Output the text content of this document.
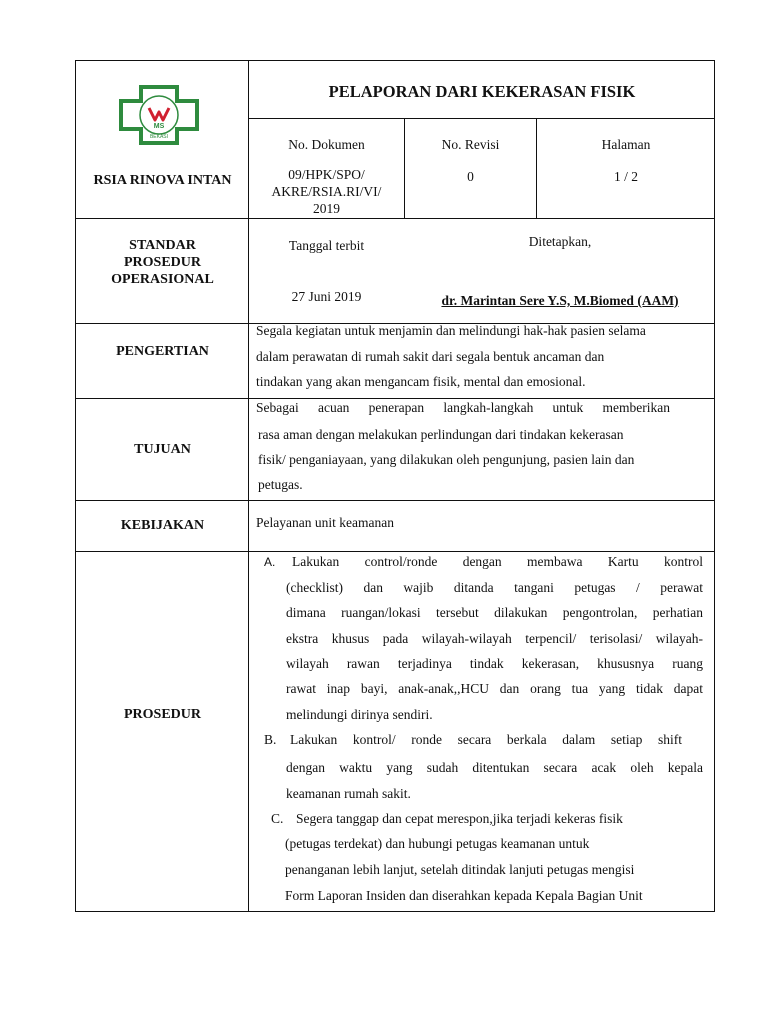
MS
BEKASI
RSIA RINOVA INTAN
PELAPORAN DARI KEKERASAN FISIK
No. Dokumen
09/HPK/SPO/
AKRE/RSIA.RI/VI/
2019
No. Revisi
0
Halaman
1 / 2
STANDAR
PROSEDUR
OPERASIONAL
Tanggal terbit
27 Juni 2019
Ditetapkan,
dr. Marintan Sere Y.S, M.Biomed (AAM)
PENGERTIAN
Segala kegiatan untuk menjamin dan melindungi hak-hak pasien selama
dalam perawatan di rumah sakit dari segala bentuk ancaman dan
tindakan yang akan mengancam fisik, mental dan emosional.
TUJUAN
Sebagai acuan penerapan langkah-langkah untuk memberikan
rasa aman dengan melakukan perlindungan dari tindakan kekerasan
fisik/ penganiayaan, yang dilakukan oleh pengunjung, pasien lain dan
petugas.
KEBIJAKAN	Pelayanan unit keamanan
PROSEDUR
A. Lakukan control/ronde dengan membawa Kartu kontrol
(checklist) dan wajib ditanda tangani petugas / perawat
dimana ruangan/lokasi tersebut dilakukan pengontrolan, perhatian
ekstra khusus pada wilayah-wilayah terpencil/ terisolasi/ wilayah-
wilayah rawan terjadinya tindak kekerasan, khususnya ruang
rawat inap bayi, anak-anak,,HCU dan orang tua yang tidak dapat
melindungi dirinya sendiri.
B. Lakukan kontrol/ ronde secara berkala dalam setiap shift
dengan waktu yang sudah ditentukan secara acak oleh kepala
keamanan rumah sakit.
C. Segera tanggap dan cepat merespon,jika terjadi kekeras fisik
(petugas terdekat) dan hubungi petugas keamanan untuk
penanganan lebih lanjut, setelah ditindak lanjuti petugas mengisi
Form Laporan Insiden dan diserahkan kepada Kepala Bagian Unit
